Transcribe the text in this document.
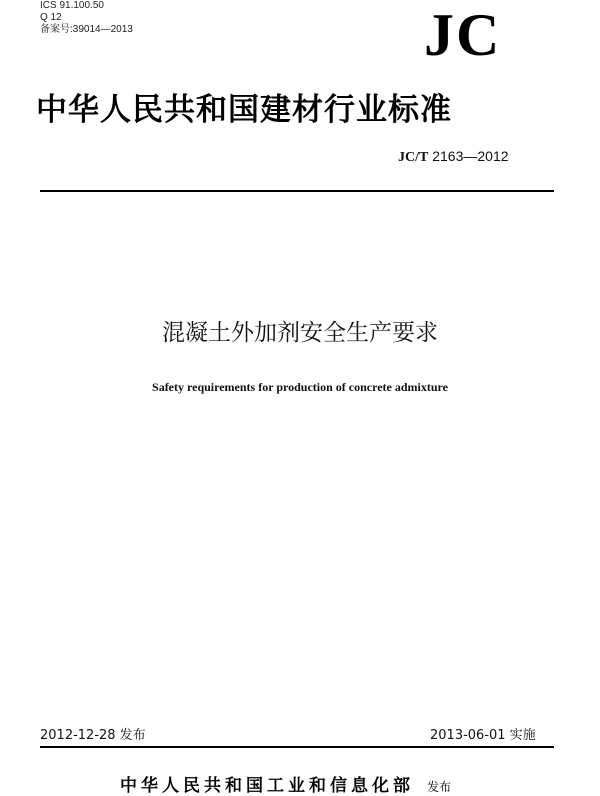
ICS 91.100.50
Q 12
备案号:39014—2013	JC
中华人民共和国建材行业标准
JC/T 2163—2012
混凝土外加剂安全生产要求
Safety requirements for production of concrete admixture
2012-12-28 发布	2013-06-01 实施
中华人民共和国工业和信息化部 发布
